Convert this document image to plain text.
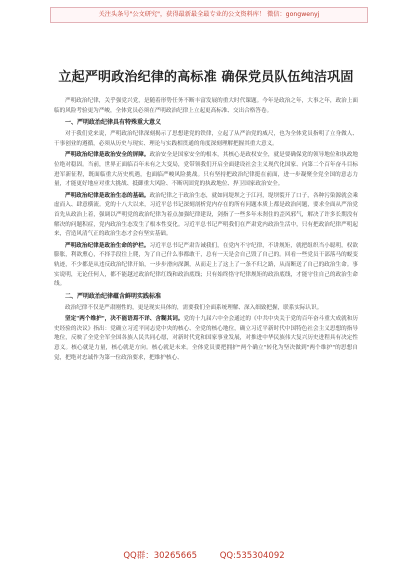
关注头条号"公文研究"，获得最新最全最专业的公文资料库！ 微信：gongwenyj
立起严明政治纪律的高标准 确保党员队伍纯洁巩固

严明政治纪律，关乎强党兴党，是随着形势任务不断丰富发展的重大时代课题。今年是政治之年，大事之年，政治上面临的风险考验更为严峻，全体党员必须在严明政治纪律上立起更高标准、交出合格答卷。

一、严明政治纪律具有特殊重大意义

对于我们党来说，严明政治纪律深刻揭示了思想建党的铁律，立起了从严治党的威尺，也为全体党员指明了立身做人、干事创业的遵循，必须从历史与现实、理论与实践相贯通的角度深刻理解把握其重大意义。

严明政治纪律是政治安全的屏障。政治安全是国家安全的根本，其核心是政权安全，就是要确保党的领导地位和执政地位绝对稳固。当前，世界正面临百年未有之大变局，党带领我们开启全面建设社会主义现代化国家、向第二个百年奋斗目标进军新征程，既面临重大历史机遇，也面临严峻风险挑战。只有坚持把政治纪律挺在前面，进一步凝聚全党全国的意志力量，才能更好地应对重大挑战、抵御重大风险、不断巩固党的执政地位、捍卫国家政治安全。

严明政治纪律是政治生态的基础。政治纪律之于政治生态，就如同堤坝之于江河，堤坝裂开了口子，各种污染源就会乘虚而入、肆意横流。党的十八大以来，习近平总书记深刻剖析党内存在的所有问题本质上都是政治问题，要求全面从严治党首先从政治上着，强调以严明党的政治纪律为着点加强纪律建设，剑指了一些多年未刹住的歪风邪气，解决了许多长期没有解决的问题积症，党内政治生态发生了根本性变化。习近平总书记严明我们在严肃党内政治生活中，只有把政治纪律严明起来，营造风清气正的政治生态才会有坚实基础。

严明政治纪律是政治生命的护栏。习近平总书记严肃告诫我们，在党内不守纪律，不讲规矩，就把组织当小聪明，权欲膨胀，利欲熏心，不择手段往上爬，为了自己什么事都敢干，总有一天是会自己毁了自己的。回看一些党员干部落马的蜕变轨迹，不少都是从违反政治纪律开始，一步步滑向深渊，从而走上了这上了一条不归之路，从而断送了自己的政治生命。事实说明，无论任何人，都不能越过政治纪律红线和政治底线；只有始终恪守纪律规矩的政治底线，才能守住自己的政治生命线。

二、严明政治纪律蕴含鲜明实践标准

政治纪律不仅是严肃刚性的，更是现实具体的，需要我们全面系统理解、深入细致把握，联系实际认识。

坚定"两个维护"，决不能语焉不详、含糊其词。党的十九届六中全会通过的《中共中央关于党的百年奋斗重大成就和历史经验的决议》指出：党确立习近平同志党中央的核心、全党的核心地位，确立习近平新时代中国特色社会主义思想的指导地位，反映了全党全军全国各族人民共同心愿，对新时代党和国家事业发展，对推进中华民族伟大复兴历史进程具有决定性意义。核心就是力量，核心就是方向。核心就是未来。全体党员要把拥护"两个确立"转化为坚决做到"两个维护"的思想自觉，把绝对忠诚作为第一位政治要求，把维护核心、

QQ群：30265665	QQ:535304092
